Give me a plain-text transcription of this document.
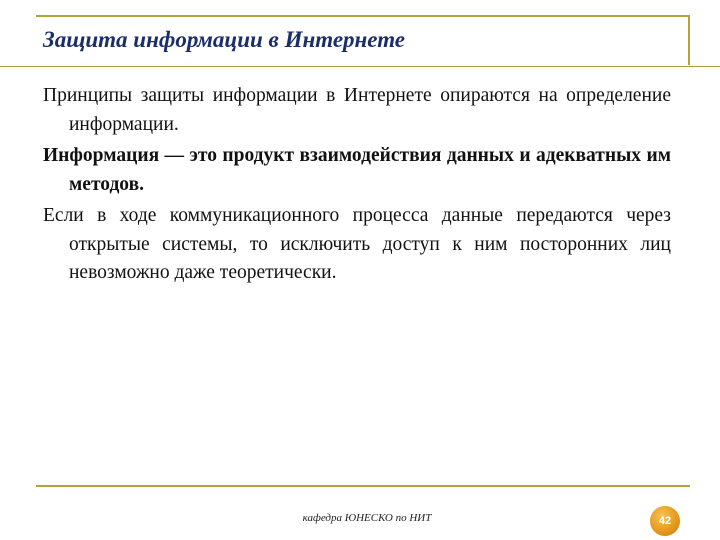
Защита информации в Интернете

Принципы защиты информации в Интернете опираются на определение информации.

Информация — это продукт взаимодействия данных и адекватных им методов.

Если в ходе коммуникационного процесса данные передаются через открытые системы, то исключить доступ к ним посторонних лиц невозможно даже теоретически.

кафедра ЮНЕСКО по НИТ	42
